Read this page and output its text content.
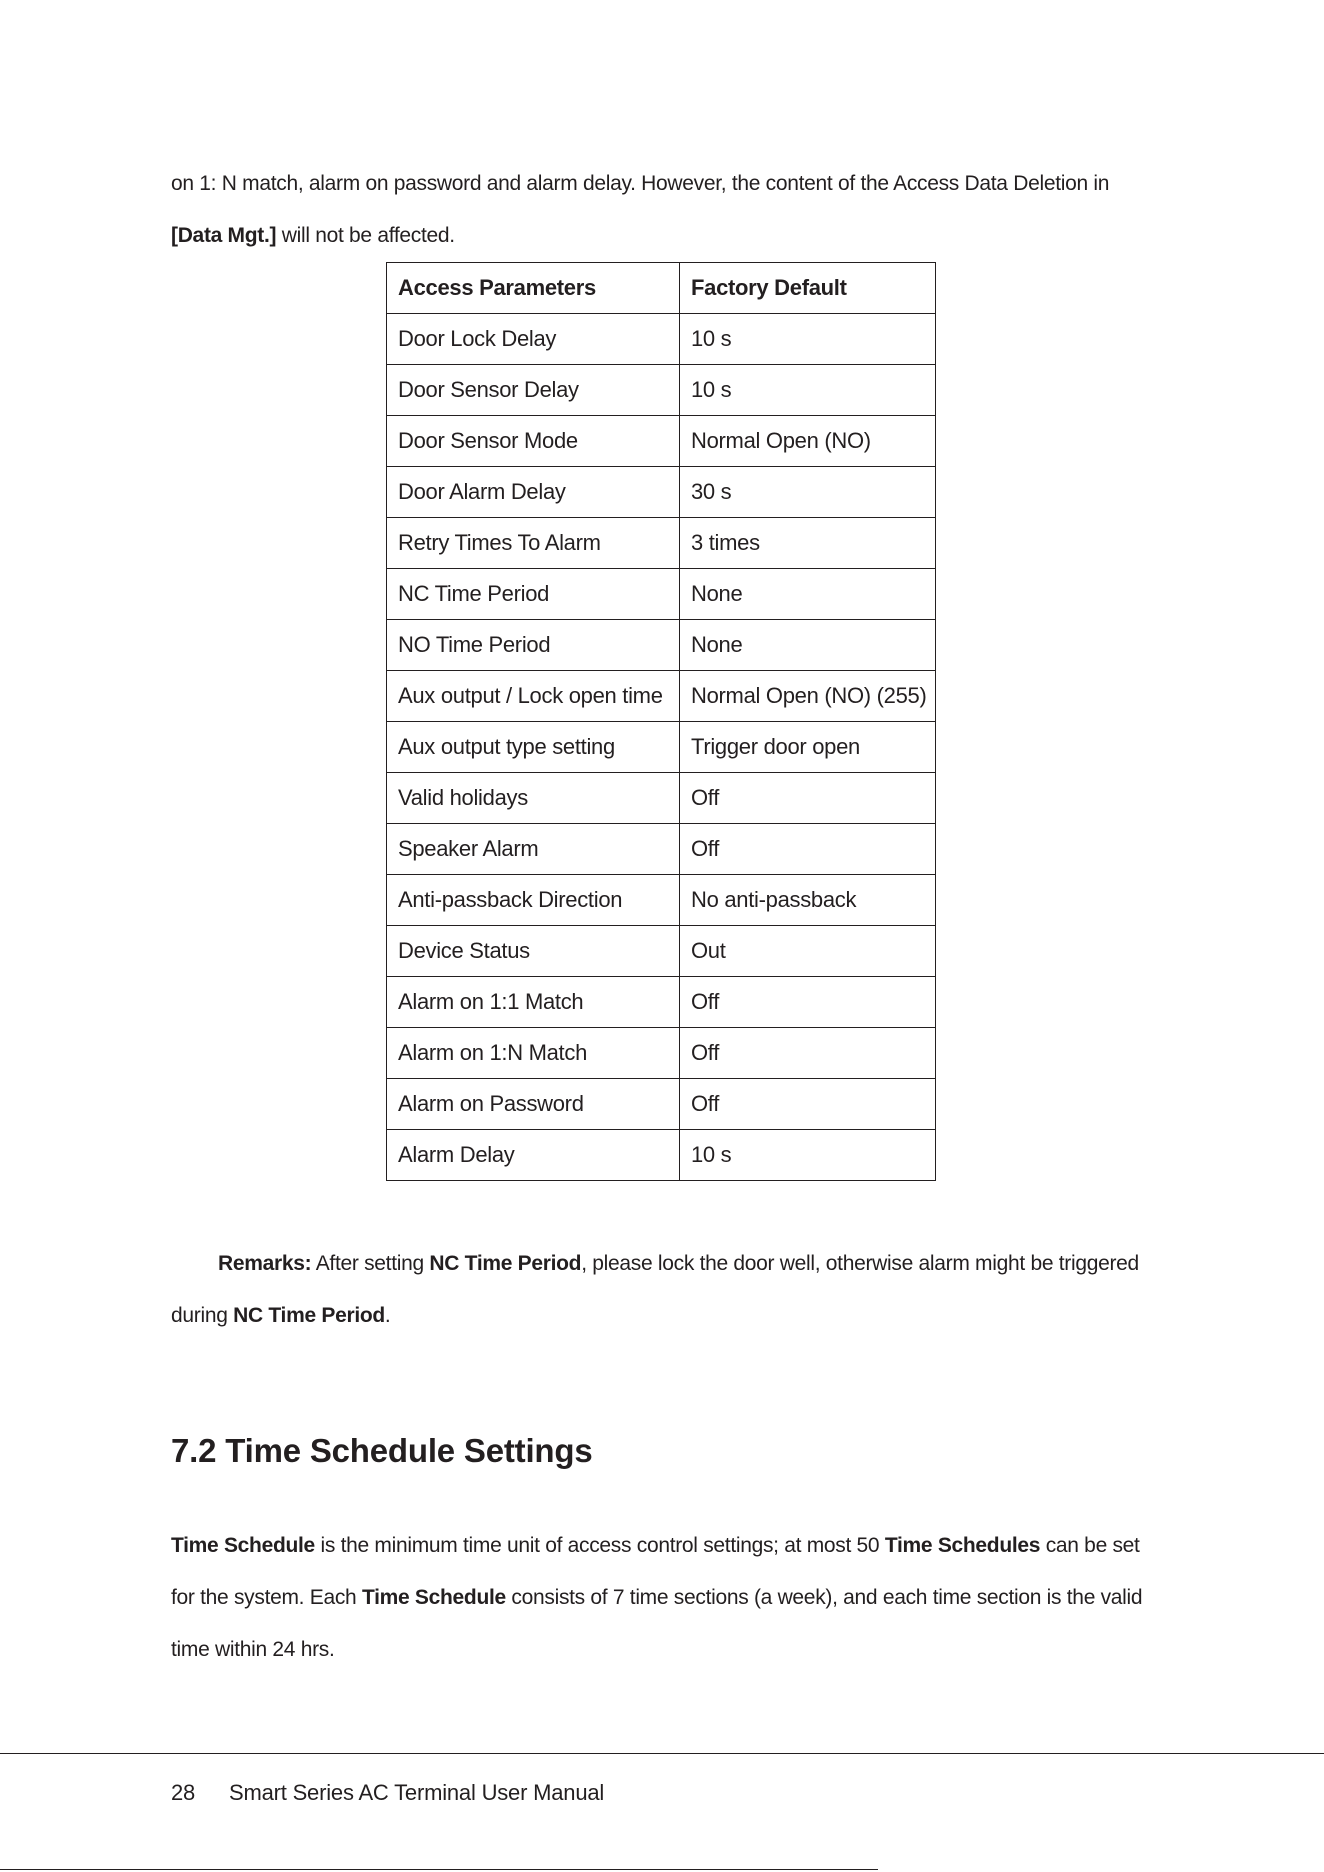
on 1: N match, alarm on password and alarm delay. However, the content of the Access Data Deletion in [Data Mgt.] will not be affected.

Access Parameters	Factory Default
Door Lock Delay	10 s
Door Sensor Delay	10 s
Door Sensor Mode	Normal Open (NO)
Door Alarm Delay	30 s
Retry Times To Alarm	3 times
NC Time Period	None
NO Time Period	None
Aux output / Lock open time	Normal Open (NO) (255)
Aux output type setting	Trigger door open
Valid holidays	Off
Speaker Alarm	Off
Anti-passback Direction	No anti-passback
Device Status	Out
Alarm on 1:1 Match	Off
Alarm on 1:N Match	Off
Alarm on Password	Off
Alarm Delay	10 s

Remarks: After setting NC Time Period, please lock the door well, otherwise alarm might be triggered during NC Time Period.

7.2 Time Schedule Settings

Time Schedule is the minimum time unit of access control settings; at most 50 Time Schedules can be set for the system. Each Time Schedule consists of 7 time sections (a week), and each time section is the valid time within 24 hrs.

28 Smart Series AC Terminal User Manual
